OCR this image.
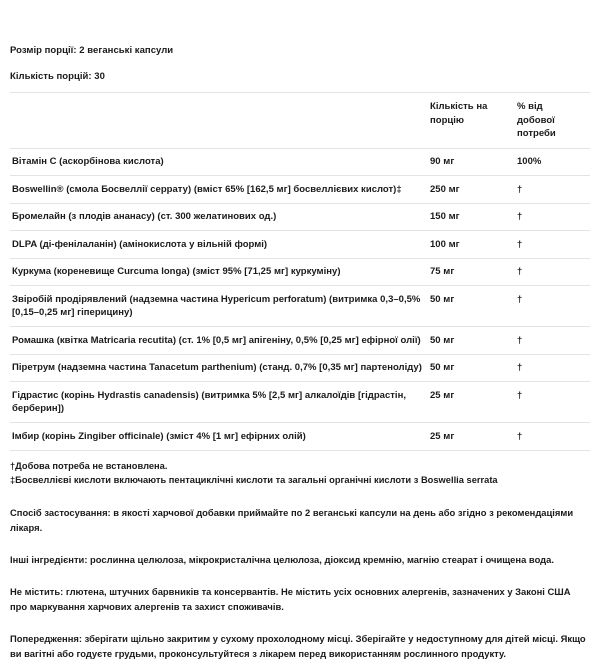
Розмір порції: 2 веганські капсули

Кількість порцій: 30

	Кількість на порцію	% від добової потреби
Вітамін C (аскорбінова кислота)	90 мг	100%
Boswellin® (смола Босвеллії серрату) (вміст 65% [162,5 мг] босвеллієвих кислот)‡	250 мг	†
Бромелайн (з плодів ананасу) (ст. 300 желатинових од.)	150 мг	†
DLPA (ді-фенілаланін) (амінокислота у вільній формі)	100 мг	†
Куркума (кореневище Curcuma longa) (зміст 95% [71,25 мг] куркуміну)	75 мг	†
Звіробій продірявлений (надземна частина Hypericum perforatum) (витримка 0,3–0,5% [0,15–0,25 мг] гіперицину)	50 мг	†
Ромашка (квітка Matricaria recutita) (ст. 1% [0,5 мг] апігеніну, 0,5% [0,25 мг] ефірної олії)	50 мг	†
Піретрум (надземна частина Tanacetum parthenium) (станд. 0,7% [0,35 мг] партеноліду)	50 мг	†
Гідрастис (корінь Hydrastis canadensis) (витримка 5% [2,5 мг] алкалоїдів [гідрастін, берберин])	25 мг	†
Імбир (корінь Zingiber officinale) (зміст 4% [1 мг] ефірних олій)	25 мг	†

†Добова потреба не встановлена.

‡Босвеллієві кислоти включають пентациклічні кислоти та загальні органічні кислоти з Boswellia serrata

Спосіб застосування: в якості харчової добавки приймайте по 2 веганські капсули на день або згідно з рекомендаціями лікаря.

Інші інгредієнти: рослинна целюлоза, мікрокристалічна целюлоза, діоксид кремнію, магнію стеарат і очищена вода.

Не містить: глютена, штучних барвників та консервантів. Не містить усіх основних алергенів, зазначених у Законі США про маркування харчових алергенів та захист споживачів.

Попередження: зберігати щільно закритим у сухому прохолодному місці. Зберігайте у недоступному для дітей місці. Якщо ви вагітні або годуєте грудьми, проконсультуйтеся з лікарем перед використанням рослинного продукту.
